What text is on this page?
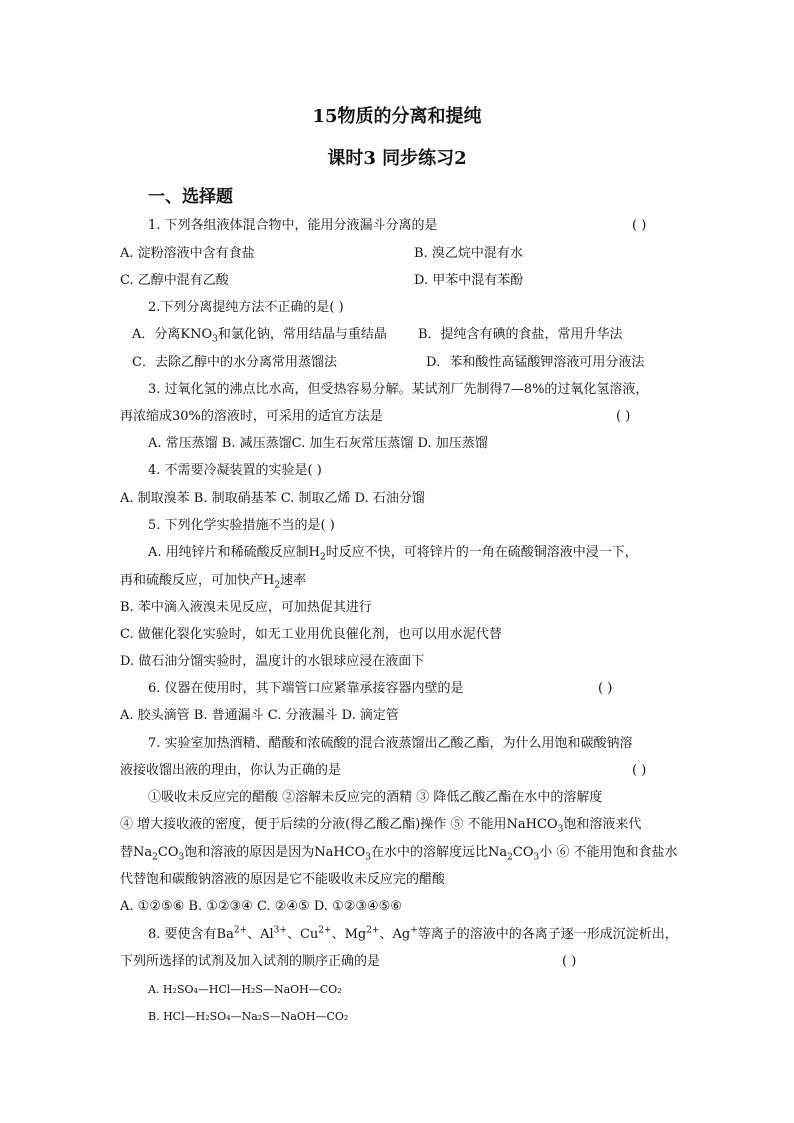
15物质的分离和提纯
课时3 同步练习2
一、选择题
1. 下列各组液体混合物中，能用分液漏斗分离的是	( )
A. 淀粉溶液中含有食盐	B. 溴乙烷中混有水
C. 乙醇中混有乙酸	D. 甲苯中混有苯酚
2.下列分离提纯方法不正确的是( )
A．分离$KNO_3$和氯化钠，常用结晶与重结晶 B．提纯含有碘的食盐，常用升华法
C．去除乙醇中的水分离常用蒸馏法	D．苯和酸性高锰酸钾溶液可用分液法
3. 过氧化氢的沸点比水高，但受热容易分解。某试剂厂先制得7—8%的过氧化氢溶液，
再浓缩成30%的溶液时，可采用的适宜方法是	( )
A. 常压蒸馏 B. 减压蒸馏C. 加生石灰常压蒸馏 D. 加压蒸馏
4. 不需要冷凝装置的实验是( )
A. 制取溴苯 B. 制取硝基苯 C. 制取乙烯 D. 石油分馏
5. 下列化学实验措施不当的是( )
A. 用纯锌片和稀硫酸反应制$H_2$时反应不快，可将锌片的一角在硫酸铜溶液中浸一下，
再和硫酸反应，可加快产$H_2$速率
B. 苯中滴入液溴未见反应，可加热促其进行
C. 做催化裂化实验时，如无工业用优良催化剂，也可以用水泥代替
D. 做石油分馏实验时，温度计的水银球应浸在液面下
6. 仪器在使用时，其下端管口应紧靠承接容器内壁的是	( )
A. 胶头滴管 B. 普通漏斗 C. 分液漏斗 D. 滴定管
7. 实验室加热酒精、醋酸和浓硫酸的混合液蒸馏出乙酸乙酯，为什么用饱和碳酸钠溶
液接收馏出液的理由，你认为正确的是	( )
①吸收未反应完的醋酸 ②溶解未反应完的酒精 ③ 降低乙酸乙酯在水中的溶解度
④ 增大接收液的密度，便于后续的分液(得乙酸乙酯)操作 ⑤ 不能用NaHCO$_3$饱和溶液来代
替$Na_2CO_3$饱和溶液的原因是因为NaHCO$_3$在水中的溶解度远比$Na_2CO_3$小 ⑥ 不能用饱和食盐水
代替饱和碳酸钠溶液的原因是它不能吸收未反应完的醋酸
A. ①②⑤⑥ B. ①②③④ C. ②④⑤ D. ①②③④⑤⑥
8. 要使含有$Ba^{2+}$、$Al^{3+}$、$Cu^{2+}$、$Mg^{2+}$、Ag+等离子的溶液中的各离子逐一形成沉淀析出，
下列所选择的试剂及加入试剂的顺序正确的是	( )
A. H₂SO₄—HCl—H₂S—NaOH—CO₂
B. HCl—H₂SO₄—Na₂S—NaOH—CO₂
